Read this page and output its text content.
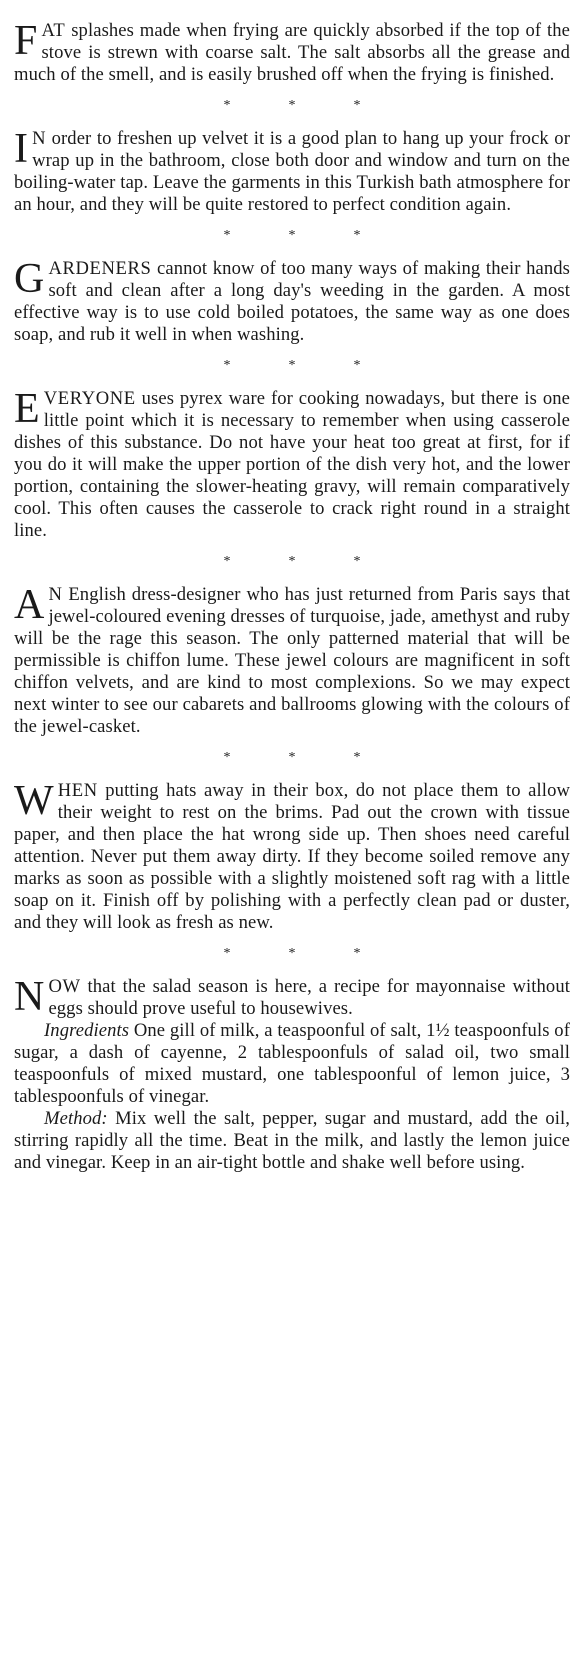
FAT splashes made when frying are quickly absorbed if the top of the stove is strewn with coarse salt. The salt absorbs all the grease and much of the smell, and is easily brushed off when the frying is finished.

*	*	*

I N order to freshen up velvet it is a good plan to hang up your frock or wrap up in the bathroom, close both door and window and turn on the boiling-water tap. Leave the garments in this Turkish bath atmosphere for an hour, and they will be quite restored to perfect condition again.

*	*	*

GARDENERS cannot know of too many ways of making their hands soft and clean after a long day's weeding in the garden. A most effective way is to use cold boiled potatoes, the same way as one does soap, and rub it well in when washing.

*	*	*

EVERYONE uses pyrex ware for cooking nowadays, but there is one little point which it is necessary to remember when using casserole dishes of this substance. Do not have your heat too great at first, for if you do it will make the upper portion of the dish very hot, and the lower portion, containing the slower-heating gravy, will remain comparatively cool. This often causes the casserole to crack right round in a straight line.

*	*	*

A N English dress-designer who has just returned from Paris says that jewel-coloured evening dresses of turquoise, jade, amethyst and ruby will be the rage this season. The only patterned material that will be permissible is chiffon lume. These jewel colours are magnificent in soft chiffon velvets, and are kind to most complexions. So we may expect next winter to see our cabarets and ballrooms glowing with the colours of the jewel-casket.

*	*	*

WHEN putting hats away in their box, do not place them to allow their weight to rest on the brims. Pad out the crown with tissue paper, and then place the hat wrong side up. Then shoes need careful attention. Never put them away dirty. If they become soiled remove any marks as soon as possible with a slightly moistened soft rag with a little soap on it. Finish off by polishing with a perfectly clean pad or duster, and they will look as fresh as new.

*	*	*

NOW that the salad season is here, a recipe for mayonnaise without eggs should prove useful to housewives.

Ingredients One gill of milk, a teaspoonful of salt, 1½ teaspoonfuls of sugar, a dash of cayenne, 2 tablespoonfuls of salad oil, two small teaspoonfuls of mixed mustard, one tablespoonful of lemon juice, 3 tablespoonfuls of vinegar.

Method: Mix well the salt, pepper, sugar and mustard, add the oil, stirring rapidly all the time. Beat in the milk, and lastly the lemon juice and vinegar. Keep in an air-tight bottle and shake well before using.
